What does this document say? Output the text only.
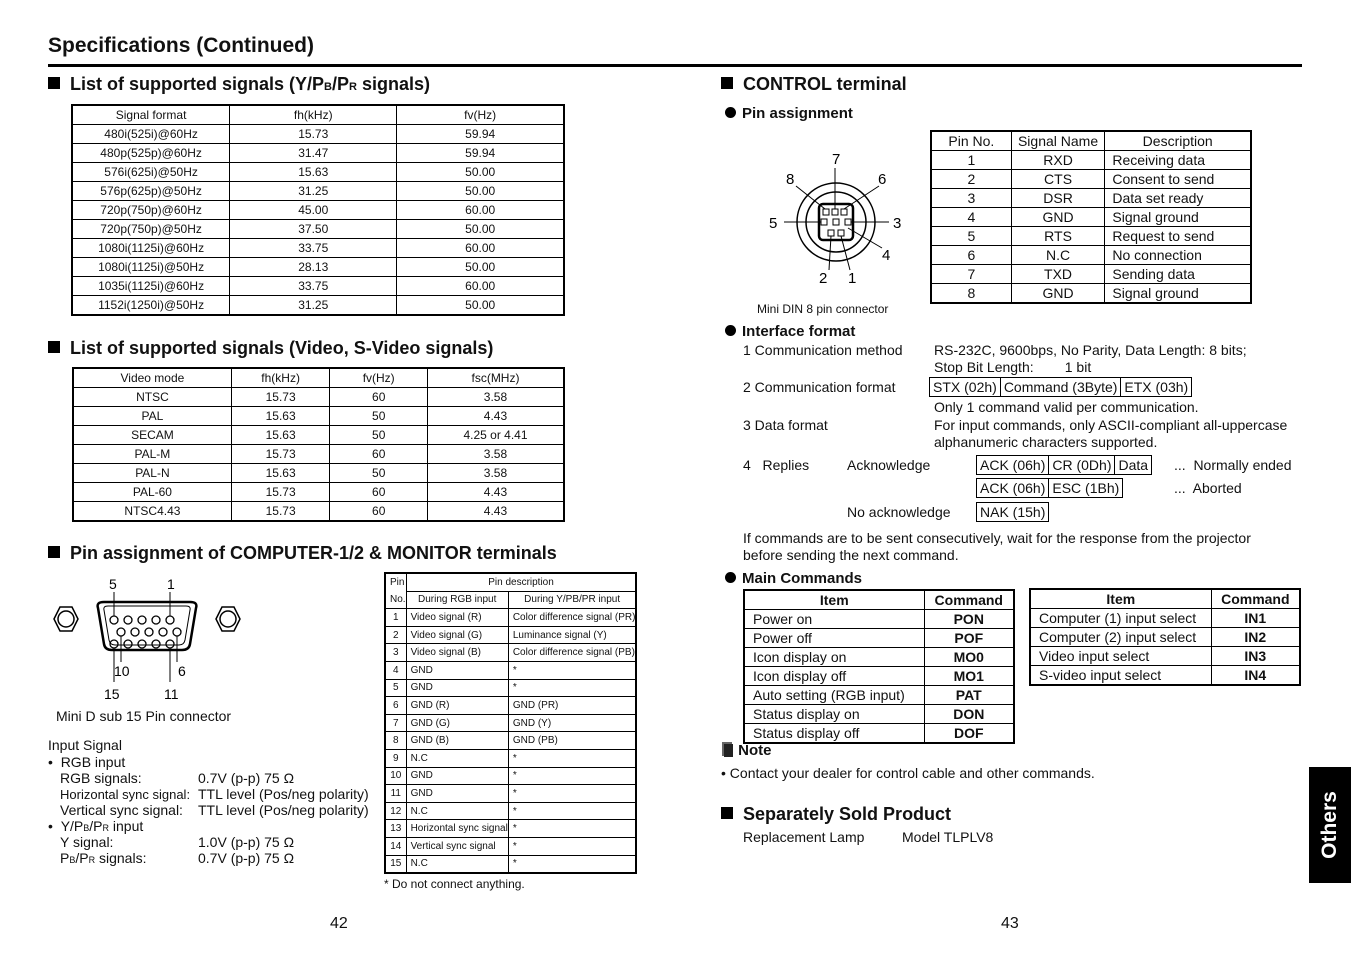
Specifications (Continued)
List of supported signals (Y/PB/PR signals)
Signal format	fh(kHz)	fv(Hz)
480i(525i)@60Hz	15.73	59.94
480p(525p)@60Hz	31.47	59.94
576i(625i)@50Hz	15.63	50.00
576p(625p)@50Hz	31.25	50.00
720p(750p)@60Hz	45.00	60.00
720p(750p)@50Hz	37.50	50.00
1080i(1125i)@60Hz	33.75	60.00
1080i(1125i)@50Hz	28.13	50.00
1035i(1125i)@60Hz	33.75	60.00
1152i(1250i)@50Hz	31.25	50.00
List of supported signals (Video, S-Video signals)
Video mode	fh(kHz)	fv(Hz)	fsc(MHz)
NTSC	15.73	60	3.58
PAL	15.63	50	4.43
SECAM	15.63	50	4.25 or 4.41
PAL-M	15.73	60	3.58
PAL-N	15.63	50	3.58
PAL-60	15.73	60	4.43
NTSC4.43	15.73	60	4.43
Pin assignment of COMPUTER-1/2 & MONITOR terminals
5	1
10	6
15	11
Mini D sub 15 Pin connector
Input Signal
•  RGB input
RGB signals:	0.7V (p-p) 75 Ω
Horizontal sync signal: TTL level (Pos/neg polarity)
Vertical sync signal: TTL level (Pos/neg polarity)
•  Y/PB/PR input
Y signal:	1.0V (p-p) 75 Ω
PB/PR signals:	0.7V (p-p) 75 Ω
Pin	Pin description	
No.	During RGB input	During Y/PB/PR input
1	Video signal (R)	Color difference signal (PR)
2	Video signal (G)	Luminance signal (Y)
3	Video signal (B)	Color difference signal (PB)
4	GND	*
5	GND	*
6	GND (R)	GND (PR)
7	GND (G)	GND (Y)
8	GND (B)	GND (PB)
9	N.C	*
10	GND	*
11	GND	*
12	N.C	*
13	Horizontal sync signal	*
14	Vertical sync signal	*
15	N.C	*
* Do not connect anything.
42
CONTROL terminal
Pin assignment
7
8	6
5	3
4
2 1
Mini DIN 8 pin connector
Pin No.	Signal Name	Description
1	RXD	Receiving data
2	CTS	Consent to send
3	DSR	Data set ready
4	GND	Signal ground
5	RTS	Request to send
6	N.C	No connection
7	TXD	Sending data
8	GND	Signal ground
Interface format
1 Communication method RS-232C, 9600bps, No Parity, Data Length: 8 bits;
Stop Bit Length:        1 bit
2 Communication format	STX (02h) Command (3Byte) ETX (03h)
Only 1 command valid per communication.
3 Data format	For input commands, only ASCII-compliant all-uppercase
alphanumeric characters supported.
4   Replies	Acknowledge	ACK (06h) CR (0Dh) Data ...  Normally ended
ACK (06h) ESC (1Bh)	...  Aborted
No acknowledge NAK (15h)
If commands are to be sent consecutively, wait for the response from the projector
before sending the next command.
Main Commands
Item	Command
Power on	PON
Power off	POF
Icon display on	MO0
Icon display off	MO1
Auto setting (RGB input)	PAT
Status display on	DON
Status display off	DOF
Item	Command
Computer (1) input select	IN1
Computer (2) input select	IN2
Video input select	IN3
S-video input select	IN4
Note
• Contact your dealer for control cable and other commands.
Separately Sold Product
Replacement Lamp	Model TLPLV8
43
Others
